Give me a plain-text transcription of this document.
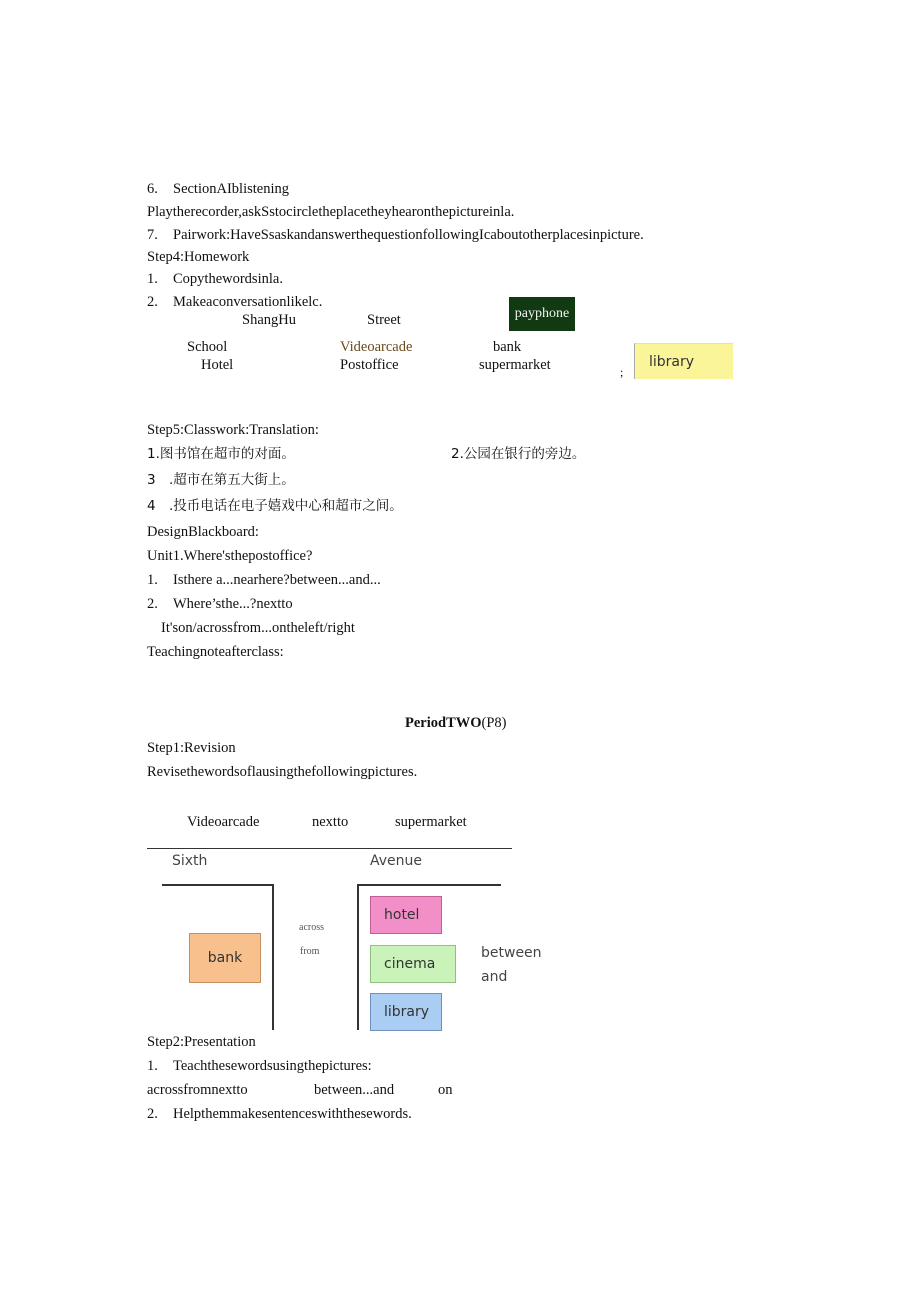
6. SectionAIblistening
Playtherecorder,askSstocircletheplacetheyhearonthepictureinla.
7. Pairwork:HaveSsaskandanswerthequestionfollowingIcaboutotherplacesinpicture.
Step4:Homework
1. Copythewordsinla.
2. Makeaconversationlikelc.
ShangHu	Street	payphone
School	Videoarcade	bank
Hotel	Postoffice	supermarket	;
library
Step5:Classwork:Translation:
1.图书馆在超市的对面。	2.公园在银行的旁边。
3 .超市在第五大街上。
4 .投币电话在电子嬉戏中心和超市之间。
DesignBlackboard:
Unit1.Where'sthepostoffice?
1. Isthere a...nearhere?between...and...
2. Where’sthe...?nextto
It'son/acrossfrom...ontheleft/right
Teachingnoteafterclass:
PeriodTWO(P8)
Step1:Revision
Revisethewordsoflausingthefollowingpictures.
Videoarcade	nextto	supermarket
Sixth	Avenue
bank
across
from
hotel
cinema
library
between
and
Step2:Presentation
1. Teachthesewordsusingthepictures:
acrossfromnextto	between...and	on
2. Helpthemmakesentenceswiththesewords.
